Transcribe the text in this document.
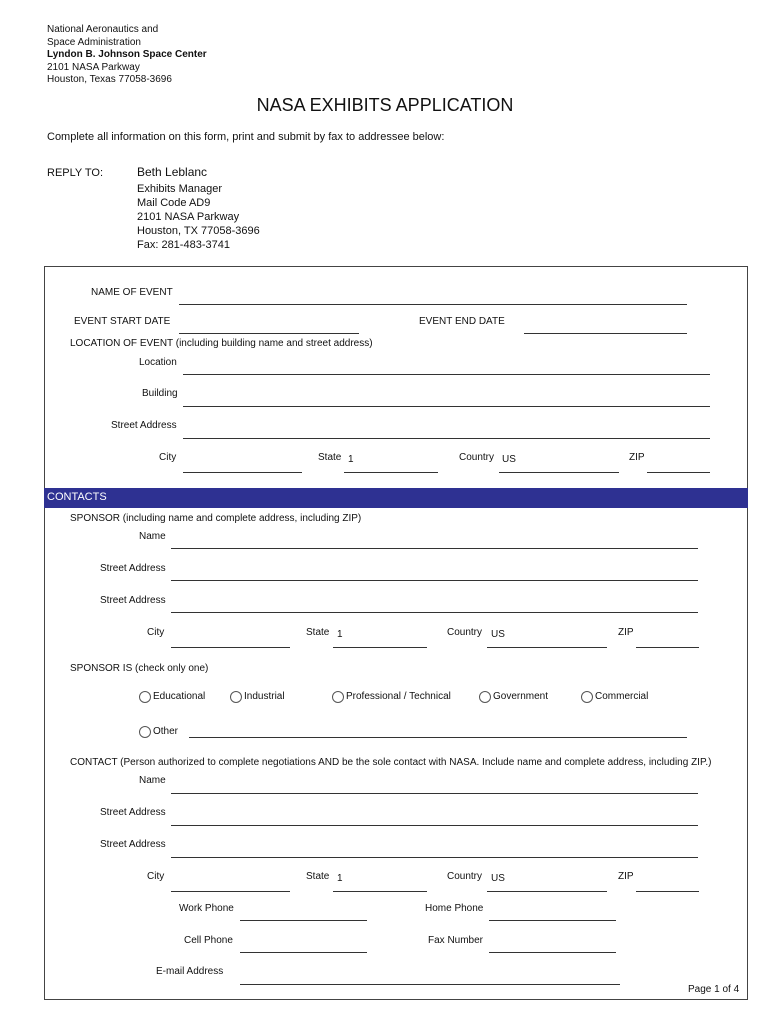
National Aeronautics and
Space Administration
Lyndon B. Johnson Space Center
2101 NASA Parkway
Houston, Texas 77058-3696
NASA EXHIBITS APPLICATION
Complete all information on this form, print and submit by fax to addressee below:
REPLY TO:	Beth Leblanc
Exhibits Manager
Mail Code AD9
2101 NASA Parkway
Houston, TX 77058-3696
Fax: 281-483-3741
NAME OF EVENT
EVENT START DATE	EVENT END DATE
LOCATION OF EVENT (including building name and street address)
Location
Building
Street Address
City	State 1	Country US	ZIP
CONTACTS
SPONSOR (including name and complete address, including ZIP)
Name
Street Address
Street Address
City	State 1	Country US	ZIP
SPONSOR IS (check only one)
Educational	Industrial	Professional / Technical	Government	Commercial
Other
CONTACT (Person authorized to complete negotiations AND be the sole contact with NASA. Include name and complete address, including ZIP.)
Name
Street Address
Street Address
City	State 1	Country US	ZIP
Work Phone	Home Phone
Cell Phone	Fax Number
E-mail Address
Page 1 of 4
